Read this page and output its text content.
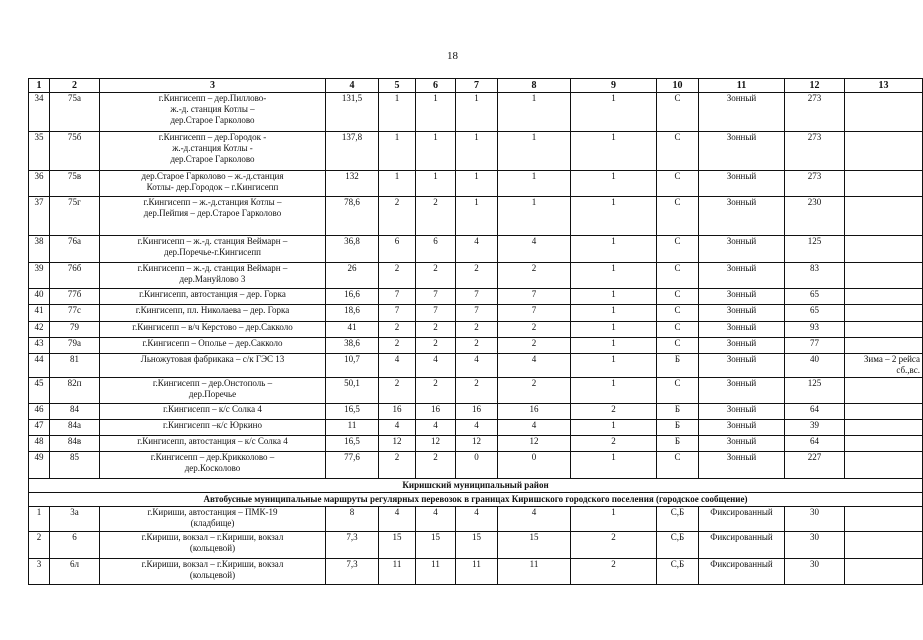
18
1	2	3	4	5	6	7	8	9	10	11	12	13
34	75а	г.Кингисепп – дер.Пиллово-
ж.-д. станция Котлы –
дер.Старое Гарколово	131,5	1	1	1	1	1	С	Зонный	273	
35	75б	г.Кингисепп – дер.Городок -
ж.-д.станция Котлы -
дер.Старое Гарколово	137,8	1	1	1	1	1	С	Зонный	273	
36	75в	дер.Старое Гарколово – ж.-д.станция
Котлы- дер.Городок – г.Кингисепп	132	1	1	1	1	1	С	Зонный	273	
37	75г	г.Кингисепп – ж.-д.станция Котлы –
дер.Пейпия – дер.Старое Гарколово	78,6	2	2	1	1	1	С	Зонный	230	
38	76а	г.Кингисепп – ж.-д. станция Веймарн –
дер.Поречье-г.Кингисепп	36,8	6	6	4	4	1	С	Зонный	125	
39	76б	г.Кингисепп – ж.-д. станция Веймарн –
дер.Мануйлово 3	26	2	2	2	2	1	С	Зонный	83	
40	77б	г.Кингисепп, автостанция – дер. Горка	16,6	7	7	7	7	1	С	Зонный	65	
41	77с	г.Кингисепп, пл. Николаева – дер. Горка	18,6	7	7	7	7	1	С	Зонный	65	
42	79	г.Кингисепп – в/ч Керстово – дер.Сакколо	41	2	2	2	2	1	С	Зонный	93	
43	79а	г.Кингисепп – Ополье – дер.Сакколо	38,6	2	2	2	2	1	С	Зонный	77	
44	81	Льножутовая фабрикака – с/к ГЭС 13	10,7	4	4	4	4	1	Б	Зонный	40	Зима – 2 рейса
сб.,вс.
45	82п	г.Кингисепп – дер.Онстополь –
дер.Поречье	50,1	2	2	2	2	1	С	Зонный	125	
46	84	г.Кингисепп – к/с Солка 4	16,5	16	16	16	16	2	Б	Зонный	64	
47	84а	г.Кингисепп –к/с Юркино	11	4	4	4	4	1	Б	Зонный	39	
48	84в	г.Кингисепп, автостанция – к/с Солка 4	16,5	12	12	12	12	2	Б	Зонный	64	
49	85	г.Кингисепп – дер.Крикколово –
дер.Косколово	77,6	2	2	0	0	1	С	Зонный	227	
Киришский муниципальный район												
Автобусные муниципальные маршруты регулярных перевозок в границах Киришского городского поселения (городское сообщение)												
1	3а	г.Кириши, автостанция – ПМК-19
(кладбище)	8	4	4	4	4	1	С,Б	Фиксированный	30	
2	6	г.Кириши, вокзал – г.Кириши, вокзал
(кольцевой)	7,3	15	15	15	15	2	С,Б	Фиксированный	30	
3	6л	г.Кириши, вокзал – г.Кириши, вокзал
(кольцевой)	7,3	11	11	11	11	2	С,Б	Фиксированный	30	
